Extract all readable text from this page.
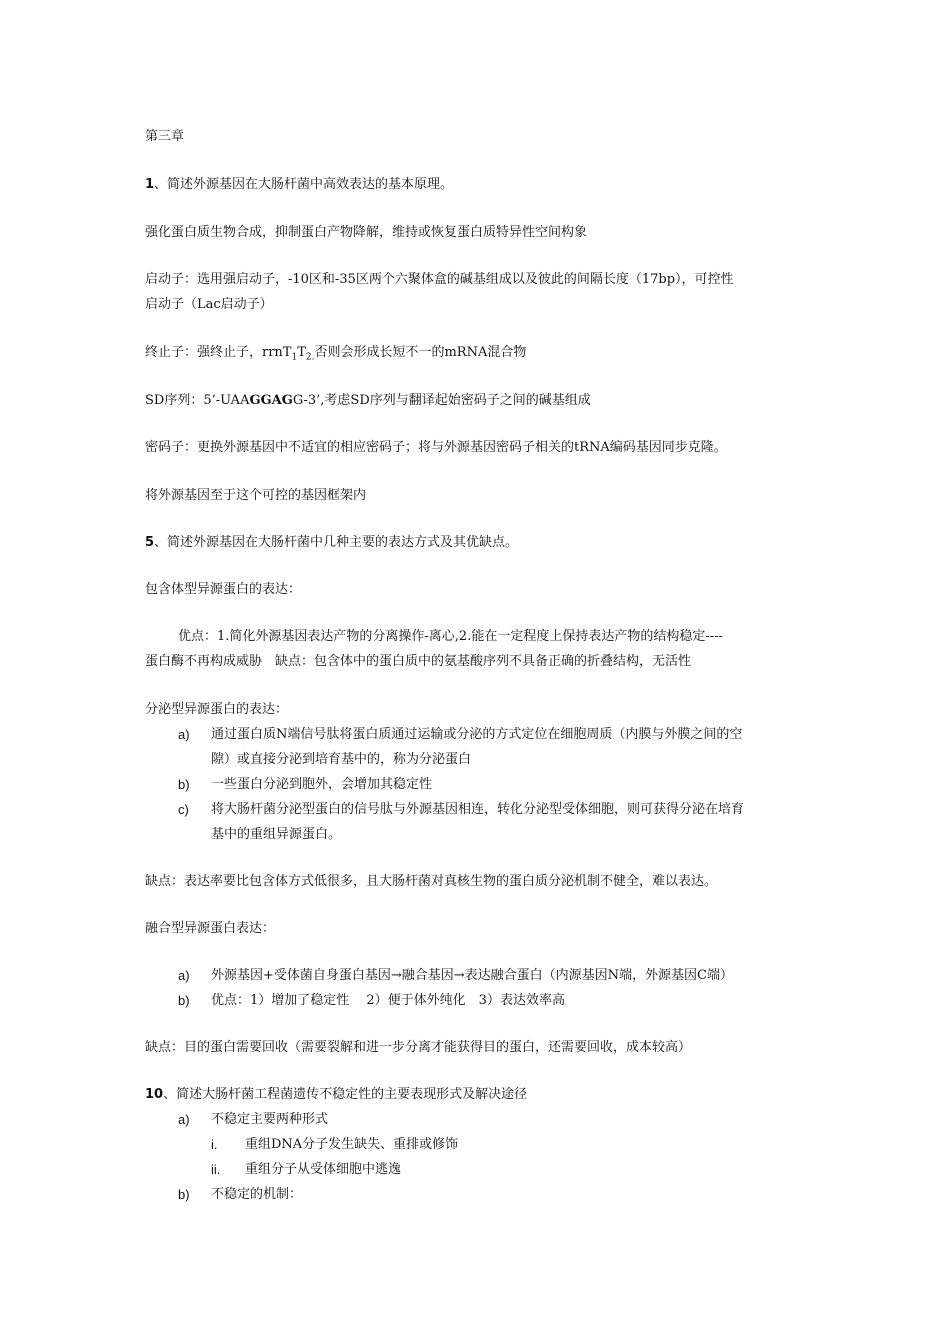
第三章
1、简述外源基因在大肠杆菌中高效表达的基本原理。
强化蛋白质生物合成，抑制蛋白产物降解，维持或恢复蛋白质特异性空间构象
启动子：选用强启动子，-10区和-35区两个六聚体盒的碱基组成以及彼此的间隔长度（17bp），可控性
启动子（Lac启动子）
终止子：强终止子，$rrnT_1T_{2.}$否则会形成长短不一的mRNA混合物
SD序列：5’-UAAGGAGG-3’,考虑SD序列与翻译起始密码子之间的碱基组成
密码子：更换外源基因中不适宜的相应密码子；将与外源基因密码子相关的tRNA编码基因同步克隆。
将外源基因至于这个可控的基因框架内
5、简述外源基因在大肠杆菌中几种主要的表达方式及其优缺点。
包含体型异源蛋白的表达：
优点：1.简化外源基因表达产物的分离操作-离心,2.能在一定程度上保持表达产物的结构稳定----
蛋白酶不再构成威胁　缺点：包含体中的蛋白质中的氨基酸序列不具备正确的折叠结构，无活性
分泌型异源蛋白的表达：
a) 通过蛋白质N端信号肽将蛋白质通过运输或分泌的方式定位在细胞周质（内膜与外膜之间的空
隙）或直接分泌到培育基中的，称为分泌蛋白
b) 一些蛋白分泌到胞外，会增加其稳定性
c) 将大肠杆菌分泌型蛋白的信号肽与外源基因相连，转化分泌型受体细胞，则可获得分泌在培育
基中的重组异源蛋白。
缺点：表达率要比包含体方式低很多，且大肠杆菌对真核生物的蛋白质分泌机制不健全，难以表达。
融合型异源蛋白表达：
a) 外源基因+受体菌自身蛋白基因→融合基因→表达融合蛋白（内源基因N端，外源基因C端）
b) 优点：1）增加了稳定性　 2）便于体外纯化　3）表达效率高
缺点：目的蛋白需要回收（需要裂解和进一步分离才能获得目的蛋白，还需要回收，成本较高）
10、简述大肠杆菌工程菌遗传不稳定性的主要表现形式及解决途径
a) 不稳定主要两种形式
i. 重组DNA分子发生缺失、重排或修饰
ii. 重组分子从受体细胞中逃逸
b) 不稳定的机制：
